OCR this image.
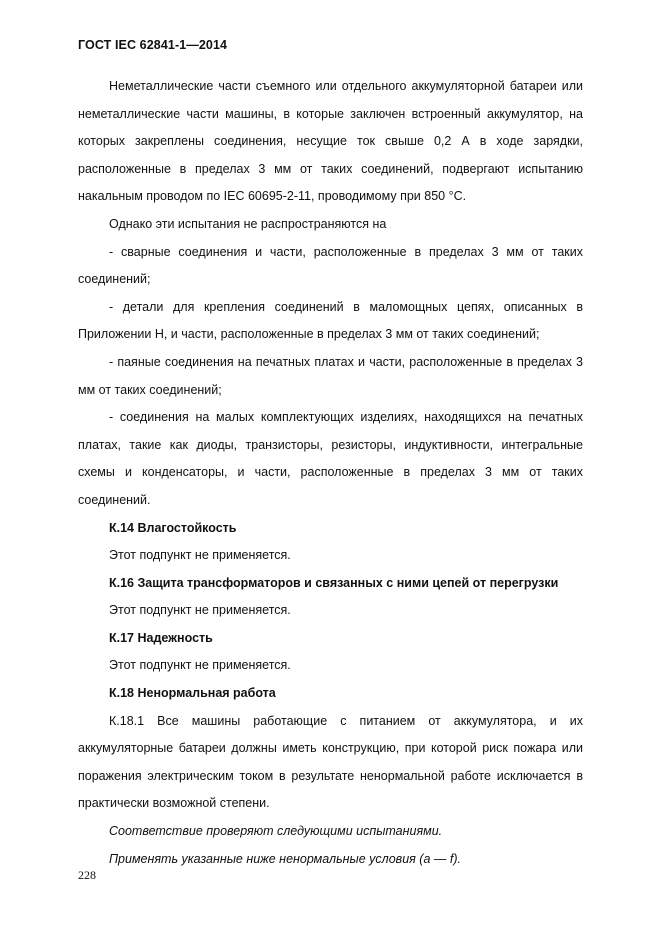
ГОСТ IEC 62841-1—2014

Неметаллические части съемного или отдельного аккумуляторной батареи или неметаллические части машины, в которые заключен встроенный аккумулятор, на которых закреплены соединения, несущие ток свыше 0,2 А в ходе зарядки, расположенные в пределах 3 мм от таких соединений, подвергают испытанию накальным проводом по IEC 60695-2-11, проводимому при 850 °С.

Однако эти испытания не распространяются на

- сварные соединения и части, расположенные в пределах 3 мм от таких соединений;

- детали для крепления соединений в маломощных цепях, описанных в Приложении Н, и части, расположенные в пределах 3 мм от таких соединений;

- паяные соединения на печатных платах и части, расположенные в пределах 3 мм от таких соединений;

- соединения на малых комплектующих изделиях, находящихся на печатных платах, такие как диоды, транзисторы, резисторы, индуктивности, интегральные схемы и конденсаторы, и части, расположенные в пределах 3 мм от таких соединений.

К.14 Влагостойкость

Этот подпункт не применяется.

К.16 Защита трансформаторов и связанных с ними цепей от перегрузки

Этот подпункт не применяется.

К.17 Надежность

Этот подпункт не применяется.

К.18 Ненормальная работа

К.18.1 Все машины работающие с питанием от аккумулятора, и их аккумуляторные батареи должны иметь конструкцию, при которой риск пожара или поражения электрическим током в результате ненормальной работе исключается в практически возможной степени.

Соответствие проверяют следующими испытаниями.

Применять указанные ниже ненормальные условия (а — f).

228
